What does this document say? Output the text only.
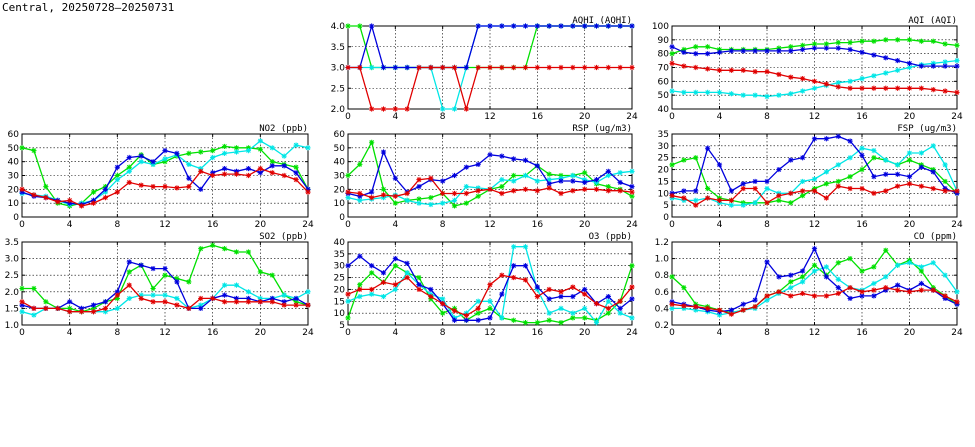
Central, 20250728–20250731
0	4	8	12	16	20	24
2.0
2.5
3.0
3.5
4.0
AQHI (AQHI)
0	4	8	12	16	20	24
40
50
60
70
80
90
100
AQI (AQI)
0	4	8	12	16	20	24
0
10
20
30
40
50
60
NO2 (ppb)
0	4	8	12	16	20	24
0
10
20
30
40
50
60
RSP (ug/m3)
0	4	8	12	16	20	24
0
5
10
15
20
25
30
35
FSP (ug/m3)
0	4	8	12	16	20	24
1.0
1.5
2.0
2.5
3.0
3.5
SO2 (ppb)
0	4	8	12	16	20	24
5
10
15
20
25
30
35
40
O3 (ppb)
0	4	8	12	16	20	24
0.2
0.4
0.6
0.8
1.0
1.2
CO (ppm)
